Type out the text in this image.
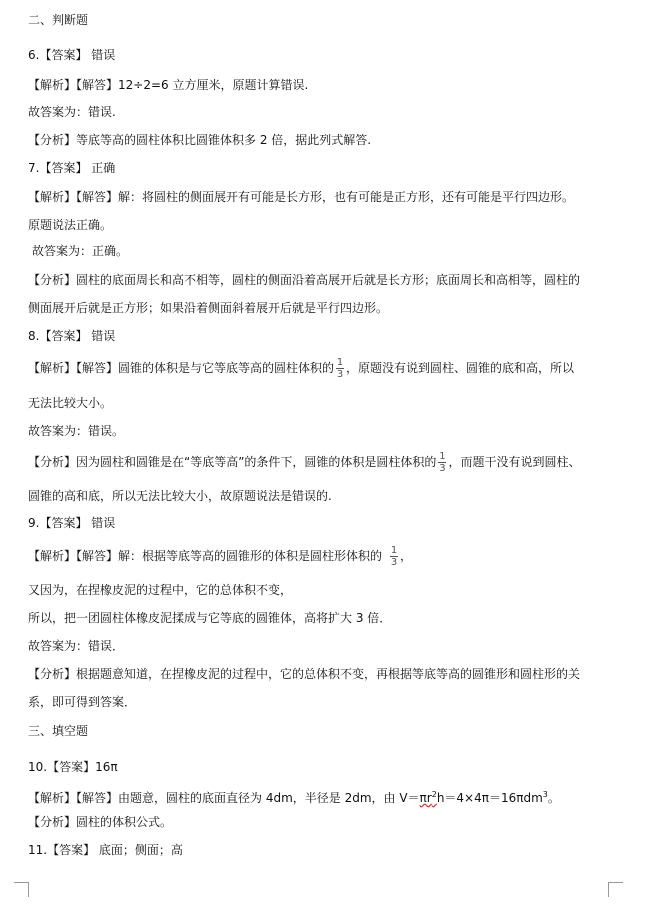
二、判断题
6.【答案】 错误
【解析】【解答】12÷2=6 立方厘米，原题计算错误.
故答案为：错误.
【分析】等底等高的圆柱体积比圆锥体积多 2 倍，据此列式解答.
7.【答案】 正确
【解析】【解答】解：将圆柱的侧面展开有可能是长方形，也有可能是正方形，还有可能是平行四边形。
原题说法正确。
故答案为：正确。
【分析】圆柱的底面周长和高不相等，圆柱的侧面沿着高展开后就是长方形；底面周长和高相等，圆柱的
侧面展开后就是正方形；如果沿着侧面斜着展开后就是平行四边形。
8.【答案】 错误
【解析】【解答】圆锥的体积是与它等底等高的圆柱体积的 $\frac{1}{3}$ ，原题没有说到圆柱、圆锥的底和高，所以
无法比较大小。
故答案为：错误。
【分析】因为圆柱和圆锥是在“等底等高”的条件下，圆锥的体积是圆柱体积的 $\frac{1}{3}$ ，而题干没有说到圆柱、
圆锥的高和底，所以无法比较大小，故原题说法是错误的.
9.【答案】 错误
【解析】【解答】解：根据等底等高的圆锥形的体积是圆柱形体积的 $\frac{1}{3}$ ，
又因为，在捏橡皮泥的过程中，它的总体积不变，
所以，把一团圆柱体橡皮泥揉成与它等底的圆锥体，高将扩大 3 倍．
故答案为：错误．
【分析】根据题意知道，在捏橡皮泥的过程中，它的总体积不变，再根据等底等高的圆锥形和圆柱形的关
系，即可得到答案．
三、填空题
10.【答案】16π
【解析】【解答】由题意，圆柱的底面直径为 4dm，半径是 2dm，由 $V=\pi r^2h=4\times 4\pi=16\pi dm^3$。
【分析】圆柱的体积公式。
11.【答案】 底面；侧面；高
